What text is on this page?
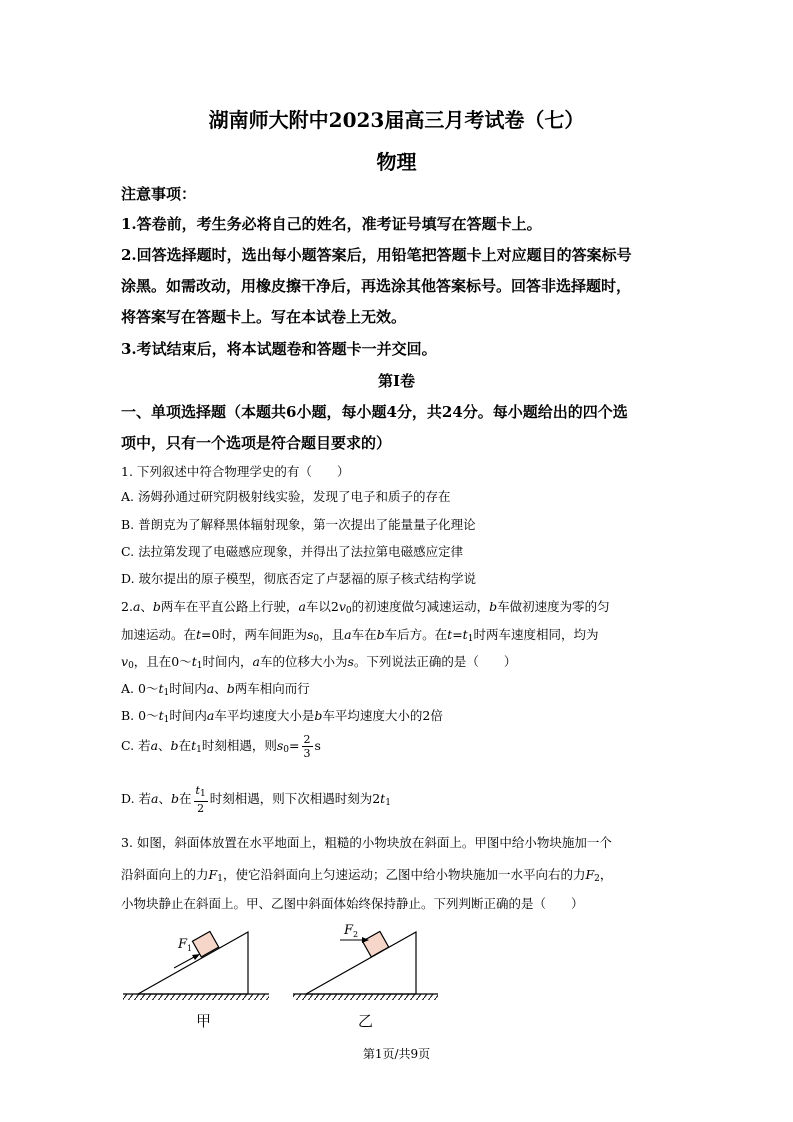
湖南师大附中2023届高三月考试卷（七）
物理
注意事项：
1.答卷前，考生务必将自己的姓名，准考证号填写在答题卡上。
2.回答选择题时，选出每小题答案后，用铅笔把答题卡上对应题目的答案标号
涂黑。如需改动，用橡皮擦干净后，再选涂其他答案标号。回答非选择题时，
将答案写在答题卡上。写在本试卷上无效。
3.考试结束后，将本试题卷和答题卡一并交回。
第I卷
一、单项选择题（本题共6小题，每小题4分，共24分。每小题给出的四个选
项中，只有一个选项是符合题目要求的）
1. 下列叙述中符合物理学史的有（　　）
A. 汤姆孙通过研究阴极射线实验，发现了电子和质子的存在
B. 普朗克为了解释黑体辐射现象，第一次提出了能量量子化理论
C. 法拉第发现了电磁感应现象，并得出了法拉第电磁感应定律
D. 玻尔提出的原子模型，彻底否定了卢瑟福的原子核式结构学说
2.a、b两车在平直公路上行驶，a车以$2v_0$的初速度做匀减速运动，b车做初速度为零的匀
加速运动。在t=0时，两车间距为$s_0$，且a车在b车后方。在$t=t_1$时两车速度相同，均为
$v_0$，且在$0\sim t_1$时间内，a车的位移大小为s。下列说法正确的是（　　）
A. $0\sim t_1$时间内a、b两车相向而行
B. $0\sim t_1$时间内a车平均速度大小是b车平均速度大小的2倍
C. 若a、b在$t_1$时刻相遇，则$s_0= \frac{2}{3}$ s
D. 若a、b在 $\frac{t_1}{2}$ 时刻相遇，则下次相遇时刻为$2t_1$
3. 如图，斜面体放置在水平地面上，粗糙的小物块放在斜面上。甲图中给小物块施加一个
沿斜面向上的力$F_1$，使它沿斜面向上匀速运动；乙图中给小物块施加一水平向右的力$F_2$，
小物块静止在斜面上。甲、乙图中斜面体始终保持静止。下列判断正确的是（　　）
$F_1$
$F_2$
甲	乙
第1页/共9页
